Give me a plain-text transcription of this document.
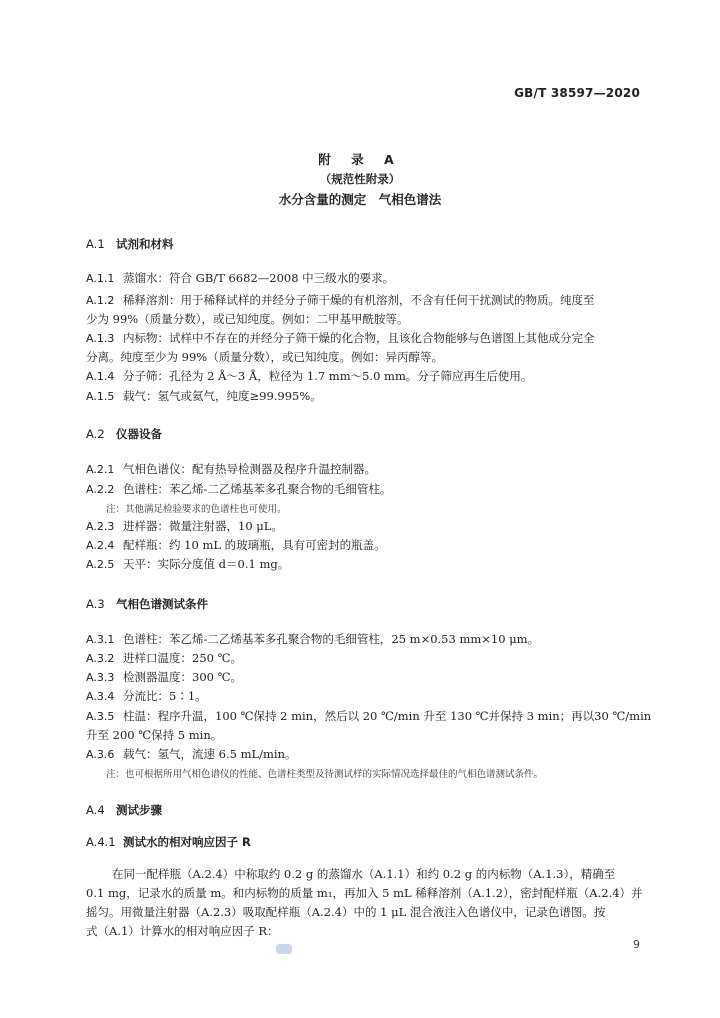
GB/T 38597—2020
附 录 A
（规范性附录）
水分含量的测定　气相色谱法
A.1 试剂和材料
A.1.1 蒸馏水：符合 GB/T 6682—2008 中三级水的要求。
A.1.2 稀释溶剂：用于稀释试样的并经分子筛干燥的有机溶剂，不含有任何干扰测试的物质。纯度至
少为 99%（质量分数），或已知纯度。例如：二甲基甲酰胺等。
A.1.3 内标物：试样中不存在的并经分子筛干燥的化合物，且该化合物能够与色谱图上其他成分完全
分离。纯度至少为 99%（质量分数），或已知纯度。例如：异丙醇等。
A.1.4 分子筛：孔径为 2 Å～3 Å，粒径为 1.7 mm～5.0 mm。分子筛应再生后使用。
A.1.5 载气：氢气或氦气，纯度≥99.995%。
A.2 仪器设备
A.2.1 气相色谱仪：配有热导检测器及程序升温控制器。
A.2.2 色谱柱：苯乙烯-二乙烯基苯多孔聚合物的毛细管柱。
注：其他满足检验要求的色谱柱也可使用。
A.2.3 进样器：微量注射器，10 μL。
A.2.4 配样瓶：约 10 mL 的玻璃瓶，具有可密封的瓶盖。
A.2.5 天平：实际分度值 d＝0.1 mg。
A.3 气相色谱测试条件
A.3.1 色谱柱：苯乙烯-二乙烯基苯多孔聚合物的毛细管柱，25 m×0.53 mm×10 μm。
A.3.2 进样口温度：250 ℃。
A.3.3 检测器温度：300 ℃。
A.3.4 分流比：5∶1。
A.3.5 柱温：程序升温，100 ℃保持 2 min，然后以 20 ℃/min 升至 130 ℃并保持 3 min；再以30 ℃/min
升至 200 ℃保持 5 min。
A.3.6 载气：氢气，流速 6.5 mL/min。
注：也可根据所用气相色谱仪的性能、色谱柱类型及待测试样的实际情况选择最佳的气相色谱测试条件。
A.4 测试步骤
A.4.1 测试水的相对响应因子 R
在同一配样瓶（A.2.4）中称取约 0.2 g 的蒸馏水（A.1.1）和约 0.2 g 的内标物（A.1.3），精确至
0.1 mg，记录水的质量 m。和内标物的质量 m₁，再加入 5 mL 稀释溶剂（A.1.2），密封配样瓶（A.2.4）并
摇匀。用微量注射器（A.2.3）吸取配样瓶（A.2.4）中的 1 μL 混合液注入色谱仪中，记录色谱图。按
式（A.1）计算水的相对响应因子 R：
9
